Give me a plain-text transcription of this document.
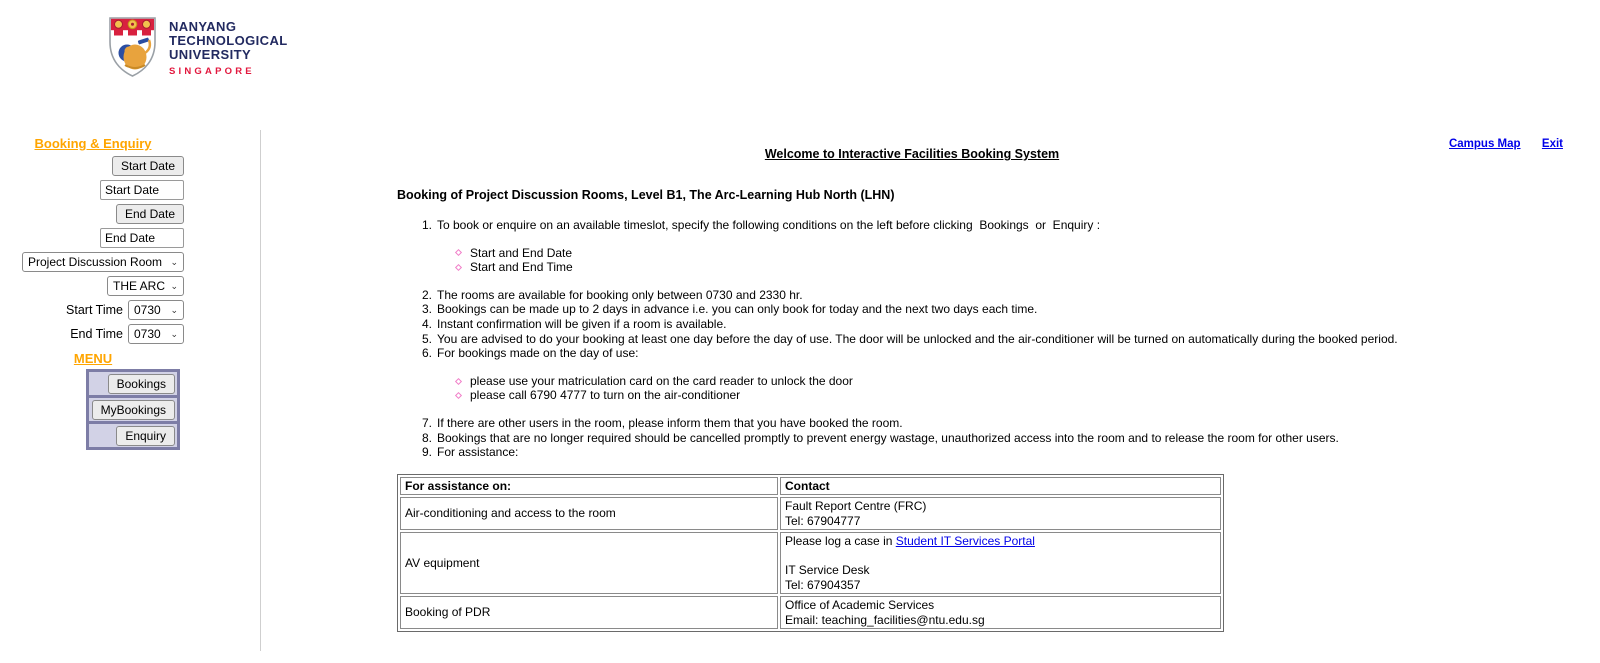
NANYANG
TECHNOLOGICAL
UNIVERSITY
SINGAPORE
Campus Map Exit
Booking & Enquiry
Start Date
Start Date
End Date
End Date
Project Discussion Room ⌄
THE ARC ⌄
Start Time 0730 ⌄
End Time 0730 ⌄
MENU
Bookings
MyBookings
Enquiry
Welcome to Interactive Facilities Booking System
Booking of Project Discussion Rooms, Level B1, The Arc-Learning Hub North (LHN)
1. To book or enquire on an available timeslot, specify the following conditions on the left before clicking  Bookings  or  Enquiry :
Start and End Date
Start and End Time
2. The rooms are available for booking only between 0730 and 2330 hr.
3. Bookings can be made up to 2 days in advance i.e. you can only book for today and the next two days each time.
4. Instant confirmation will be given if a room is available.
5. You are advised to do your booking at least one day before the day of use. The door will be unlocked and the air-conditioner will be turned on automatically during the booked period.
6. For bookings made on the day of use:
please use your matriculation card on the card reader to unlock the door
please call 6790 4777 to turn on the air-conditioner
7. If there are other users in the room, please inform them that you have booked the room.
8. Bookings that are no longer required should be cancelled promptly to prevent energy wastage, unauthorized access into the room and to release the room for other users.
9. For assistance:
For assistance on:	Contact
Air-conditioning and access to the room	Fault Report Centre (FRC)
Tel: 67904777

AV equipment	Please log a case in Student IT Services Portal

IT Service Desk
Tel: 67904357

Booking of PDR	Office of Academic Services
Email: teaching_facilities@ntu.edu.sg
